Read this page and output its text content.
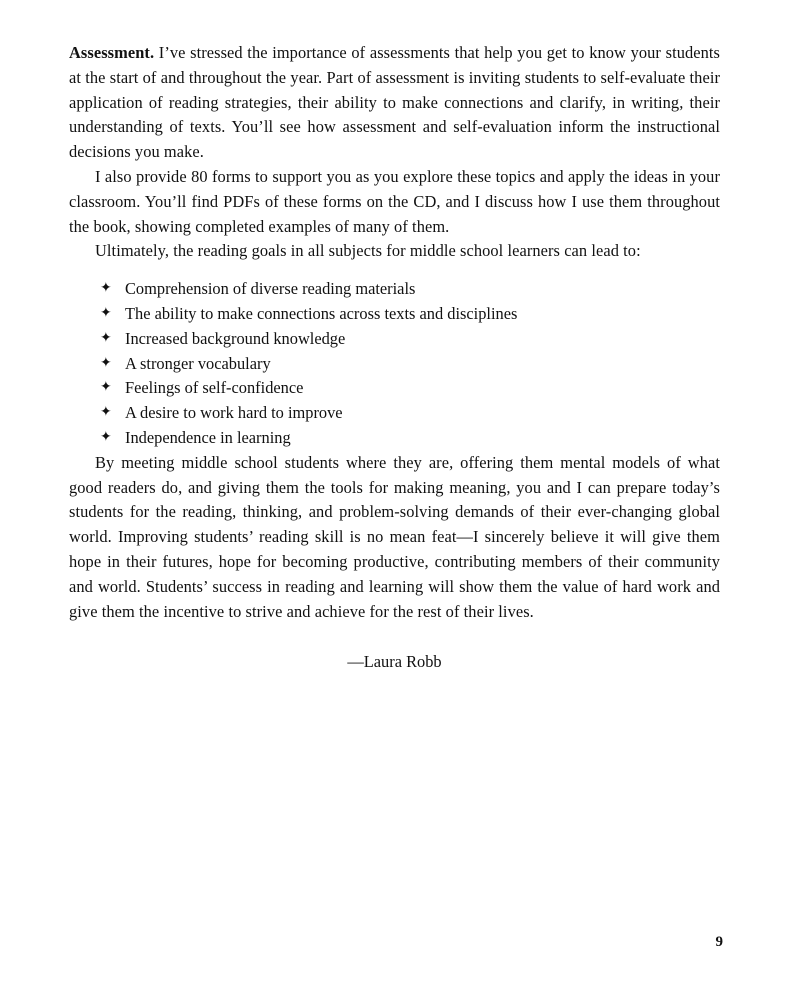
Assessment. I’ve stressed the importance of assessments that help you get to know your students at the start of and throughout the year. Part of assessment is inviting students to self-evaluate their application of reading strategies, their ability to make connections and clarify, in writing, their understanding of texts. You’ll see how assessment and self-evaluation inform the instructional decisions you make.

I also provide 80 forms to support you as you explore these topics and apply the ideas in your classroom. You’ll find PDFs of these forms on the CD, and I discuss how I use them throughout the book, showing completed examples of many of them.

Ultimately, the reading goals in all subjects for middle school learners can lead to:

✦ Comprehension of diverse reading materials
✦ The ability to make connections across texts and disciplines
✦ Increased background knowledge
✦ A stronger vocabulary
✦ Feelings of self-confidence
✦ A desire to work hard to improve
✦ Independence in learning

By meeting middle school students where they are, offering them mental models of what good readers do, and giving them the tools for making meaning, you and I can prepare today’s students for the reading, thinking, and problem-solving demands of their ever-changing global world. Improving students’ reading skill is no mean feat—I sincerely believe it will give them hope in their futures, hope for becoming productive, contributing members of their community and world. Students’ success in reading and learning will show them the value of hard work and give them the incentive to strive and achieve for the rest of their lives.

—Laura Robb

9
